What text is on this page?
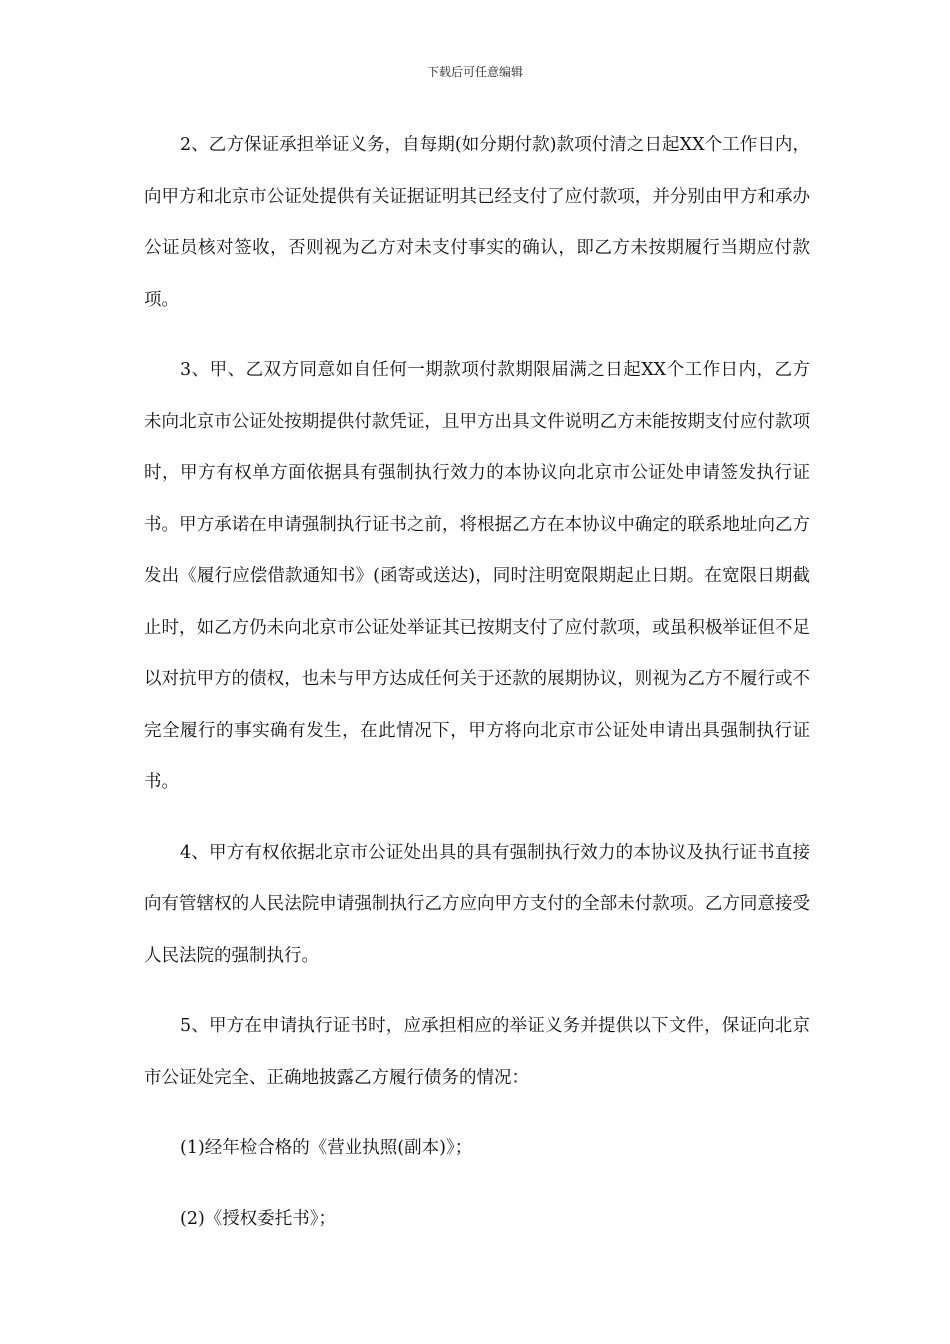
下载后可任意编辑

2、乙方保证承担举证义务，自每期(如分期付款)款项付清之日起XX个工作日内，向甲方和北京市公证处提供有关证据证明其已经支付了应付款项，并分别由甲方和承办公证员核对签收，否则视为乙方对未支付事实的确认，即乙方未按期履行当期应付款项。

3、甲、乙双方同意如自任何一期款项付款期限届满之日起XX个工作日内，乙方未向北京市公证处按期提供付款凭证，且甲方出具文件说明乙方未能按期支付应付款项时，甲方有权单方面依据具有强制执行效力的本协议向北京市公证处申请签发执行证书。甲方承诺在申请强制执行证书之前，将根据乙方在本协议中确定的联系地址向乙方发出《履行应偿借款通知书》(函寄或送达)，同时注明宽限期起止日期。在宽限日期截止时，如乙方仍未向北京市公证处举证其已按期支付了应付款项，或虽积极举证但不足以对抗甲方的债权，也未与甲方达成任何关于还款的展期协议，则视为乙方不履行或不完全履行的事实确有发生，在此情况下，甲方将向北京市公证处申请出具强制执行证书。

4、甲方有权依据北京市公证处出具的具有强制执行效力的本协议及执行证书直接向有管辖权的人民法院申请强制执行乙方应向甲方支付的全部未付款项。乙方同意接受人民法院的强制执行。

5、甲方在申请执行证书时，应承担相应的举证义务并提供以下文件，保证向北京市公证处完全、正确地披露乙方履行债务的情况：

(1)经年检合格的《营业执照(副本)》；

(2)《授权委托书》；
